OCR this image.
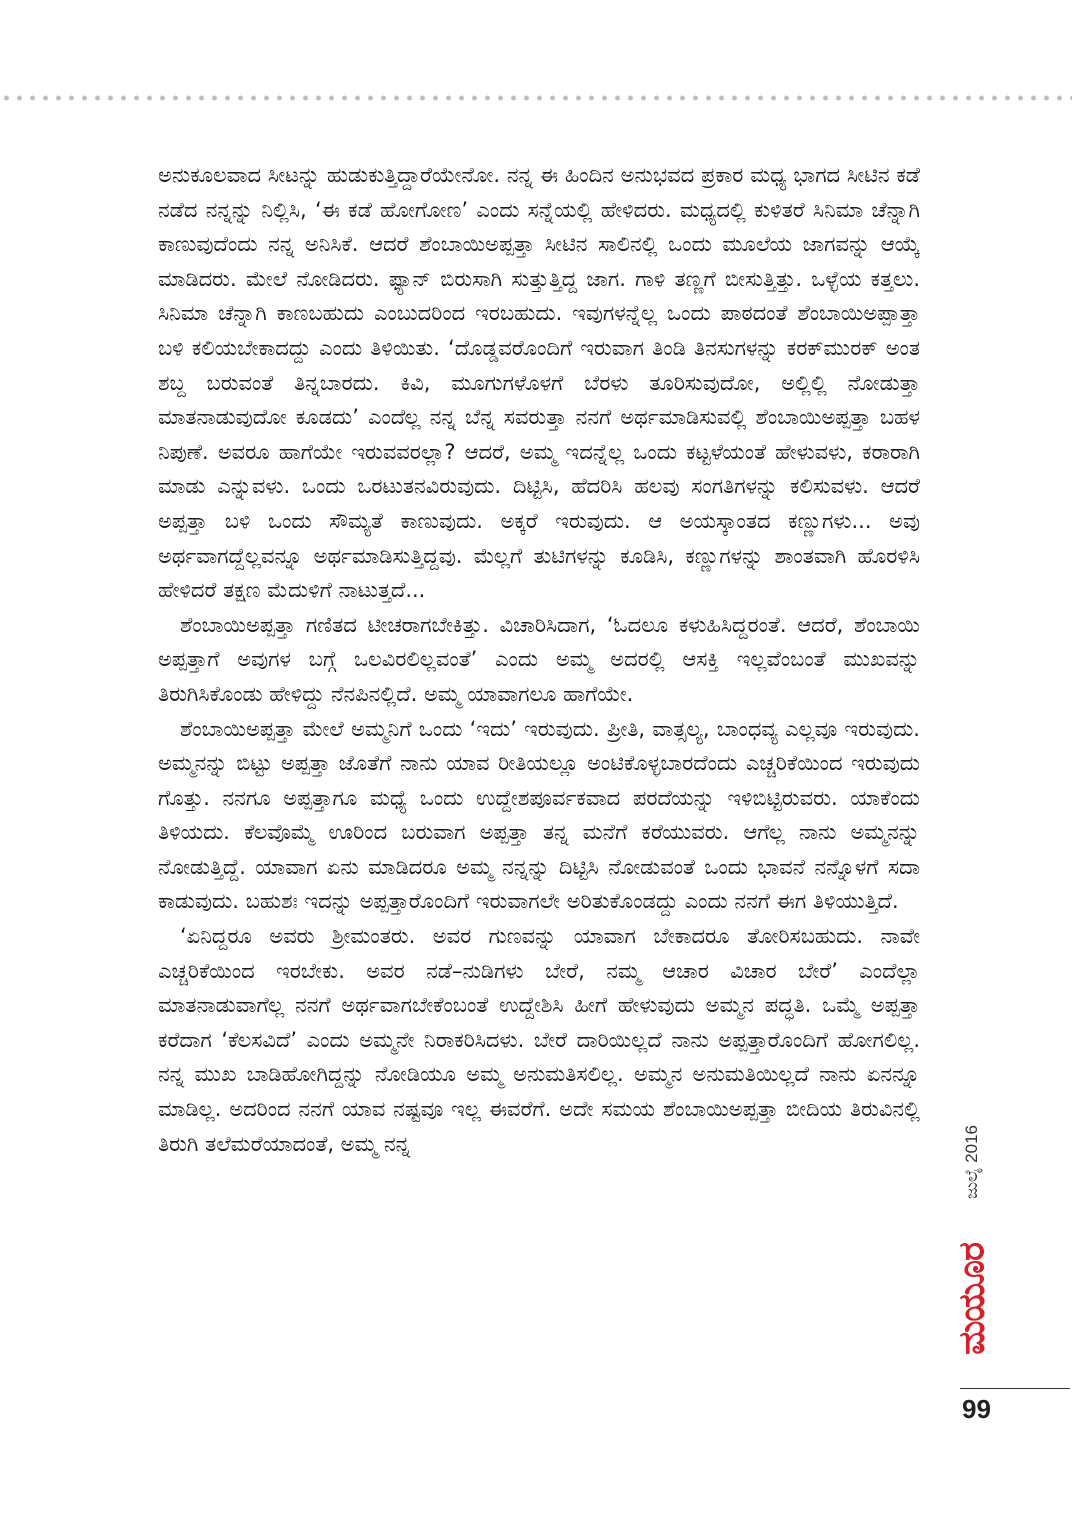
ಅನುಕೂಲವಾದ ಸೀಟನ್ನು ಹುಡುಕುತ್ತಿದ್ದಾರೆಯೇನೋ. ನನ್ನ ಈ ಹಿಂದಿನ ಅನುಭವದ ಪ್ರಕಾರ ಮಧ್ಯ ಭಾಗದ ಸೀಟಿನ ಕಡೆ ನಡೆದ ನನ್ನನ್ನು ನಿಲ್ಲಿಸಿ, ‘ಈ ಕಡೆ ಹೋಗೋಣ’ ಎಂದು ಸನ್ನೆಯಲ್ಲಿ ಹೇಳಿದರು. ಮಧ್ಯದಲ್ಲಿ ಕುಳಿತರೆ ಸಿನಿಮಾ ಚೆನ್ನಾಗಿ ಕಾಣುವುದೆಂದು ನನ್ನ ಅನಿಸಿಕೆ. ಆದರೆ ಶೆಂಬಾಯಿಅಪ್ಪತ್ತಾ ಸೀಟಿನ ಸಾಲಿನಲ್ಲಿ ಒಂದು ಮೂಲೆಯ ಜಾಗವನ್ನು ಆಯ್ಕೆ ಮಾಡಿದರು. ಮೇಲೆ ನೋಡಿದರು. ಫ್ಯಾನ್ ಬಿರುಸಾಗಿ ಸುತ್ತುತ್ತಿದ್ದ ಜಾಗ. ಗಾಳಿ ತಣ್ಣಗೆ ಬೀಸುತ್ತಿತ್ತು. ಒಳ್ಳೆಯ ಕತ್ತಲು. ಸಿನಿಮಾ ಚೆನ್ನಾಗಿ ಕಾಣಬಹುದು ಎಂಬುದರಿಂದ ಇರಬಹುದು. ಇವುಗಳನ್ನೆಲ್ಲ ಒಂದು ಪಾಠದಂತೆ ಶೆಂಬಾಯಿಅಪ್ಪಾತ್ತಾ ಬಳಿ ಕಲಿಯಬೇಕಾದದ್ದು ಎಂದು ತಿಳಿಯಿತು. ‘ದೊಡ್ಡವರೊಂದಿಗೆ ಇರುವಾಗ ತಿಂಡಿ ತಿನಸುಗಳನ್ನು ಕರಕ್‌ಮುರಕ್ ಅಂತ ಶಬ್ದ ಬರುವಂತೆ ತಿನ್ನಬಾರದು. ಕಿವಿ, ಮೂಗುಗಳೊಳಗೆ ಬೆರಳು ತೂರಿಸುವುದೋ, ಅಲ್ಲಿಲ್ಲಿ ನೋಡುತ್ತಾ ಮಾತನಾಡುವುದೋ ಕೂಡದು’ ಎಂದೆಲ್ಲ ನನ್ನ ಬೆನ್ನ ಸವರುತ್ತಾ ನನಗೆ ಅರ್ಥಮಾಡಿಸುವಲ್ಲಿ ಶೆಂಬಾಯಿಅಪ್ಪತ್ತಾ ಬಹಳ ನಿಪುಣೆ. ಅವರೂ ಹಾಗೆಯೇ ಇರುವವರಲ್ಲಾ? ಆದರೆ, ಅಮ್ಮ ಇದನ್ನೆಲ್ಲ ಒಂದು ಕಟ್ಟಳೆಯಂತೆ ಹೇಳುವಳು, ಕರಾರಾಗಿ ಮಾಡು ಎನ್ನುವಳು. ಒಂದು ಒರಟುತನವಿರುವುದು. ದಿಟ್ಟಿಸಿ, ಹೆದರಿಸಿ ಹಲವು ಸಂಗತಿಗಳನ್ನು ಕಲಿಸುವಳು. ಆದರೆ ಅಪ್ಪತ್ತಾ ಬಳಿ ಒಂದು ಸೌಮ್ಯತೆ ಕಾಣುವುದು. ಅಕ್ಕರೆ ಇರುವುದು. ಆ ಅಯಸ್ಕಾಂತದ ಕಣ್ಣುಗಳು... ಅವು ಅರ್ಥವಾಗದ್ದೆಲ್ಲವನ್ನೂ ಅರ್ಥಮಾಡಿಸುತ್ತಿದ್ದವು. ಮೆಲ್ಲಗೆ ತುಟಿಗಳನ್ನು ಕೂಡಿಸಿ, ಕಣ್ಣುಗಳನ್ನು ಶಾಂತವಾಗಿ ಹೊರಳಿಸಿ ಹೇಳಿದರೆ ತಕ್ಷಣ ಮೆದುಳಿಗೆ ನಾಟುತ್ತದೆ...

ಶೆಂಬಾಯಿಅಪ್ಪತ್ತಾ ಗಣಿತದ ಟೀಚರಾಗಬೇಕಿತ್ತು. ವಿಚಾರಿಸಿದಾಗ, ‘ಓದಲೂ ಕಳುಹಿಸಿದ್ದರಂತೆ. ಆದರೆ, ಶೆಂಬಾಯಿ ಅಪ್ಪತ್ತಾಗೆ ಅವುಗಳ ಬಗ್ಗೆ ಒಲವಿರಲಿಲ್ಲವಂತೆ’ ಎಂದು ಅಮ್ಮ ಅದರಲ್ಲಿ ಆಸಕ್ತಿ ಇಲ್ಲವೆಂಬಂತೆ ಮುಖವನ್ನು ತಿರುಗಿಸಿಕೊಂಡು ಹೇಳಿದ್ದು ನೆನಪಿನಲ್ಲಿದೆ. ಅಮ್ಮ ಯಾವಾಗಲೂ ಹಾಗೆಯೇ.

ಶೆಂಬಾಯಿಅಪ್ಪತ್ತಾ ಮೇಲೆ ಅಮ್ಮನಿಗೆ ಒಂದು ‘ಇದು’ ಇರುವುದು. ಪ್ರೀತಿ, ವಾತ್ಸಲ್ಯ, ಬಾಂಧವ್ಯ ಎಲ್ಲವೂ ಇರುವುದು. ಅಮ್ಮನನ್ನು ಬಿಟ್ಟು ಅಪ್ಪತ್ತಾ ಜೊತೆಗೆ ನಾನು ಯಾವ ರೀತಿಯಲ್ಲೂ ಅಂಟಿಕೊಳ್ಳಬಾರದೆಂದು ಎಚ್ಚರಿಕೆಯಿಂದ ಇರುವುದು ಗೊತ್ತು. ನನಗೂ ಅಪ್ಪತ್ತಾಗೂ ಮಧ್ಯೆ ಒಂದು ಉದ್ದೇಶಪೂರ್ವಕವಾದ ಪರದೆಯನ್ನು ಇಳಿಬಿಟ್ಟಿರುವರು. ಯಾಕೆಂದು ತಿಳಿಯದು. ಕೆಲವೊಮ್ಮೆ ಊರಿಂದ ಬರುವಾಗ ಅಪ್ಪತ್ತಾ ತನ್ನ ಮನೆಗೆ ಕರೆಯುವರು. ಆಗೆಲ್ಲ ನಾನು ಅಮ್ಮನನ್ನು ನೋಡುತ್ತಿದ್ದೆ. ಯಾವಾಗ ಏನು ಮಾಡಿದರೂ ಅಮ್ಮ ನನ್ನನ್ನು ದಿಟ್ಟಿಸಿ ನೋಡುವಂತೆ ಒಂದು ಭಾವನೆ ನನ್ನೊಳಗೆ ಸದಾ ಕಾಡುವುದು. ಬಹುಶಃ ಇದನ್ನು ಅಪ್ಪತ್ತಾರೊಂದಿಗೆ ಇರುವಾಗಲೇ ಅರಿತುಕೊಂಡದ್ದು ಎಂದು ನನಗೆ ಈಗ ತಿಳಿಯುತ್ತಿದೆ.

‘ಏನಿದ್ದರೂ ಅವರು ಶ್ರೀಮಂತರು. ಅವರ ಗುಣವನ್ನು ಯಾವಾಗ ಬೇಕಾದರೂ ತೋರಿಸಬಹುದು. ನಾವೇ ಎಚ್ಚರಿಕೆಯಿಂದ ಇರಬೇಕು. ಅವರ ನಡೆ–ನುಡಿಗಳು ಬೇರೆ, ನಮ್ಮ ಆಚಾರ ವಿಚಾರ ಬೇರೆ’ ಎಂದೆಲ್ಲಾ ಮಾತನಾಡುವಾಗೆಲ್ಲ ನನಗೆ ಅರ್ಥವಾಗಬೇಕೆಂಬಂತೆ ಉದ್ದೇಶಿಸಿ ಹೀಗೆ ಹೇಳುವುದು ಅಮ್ಮನ ಪದ್ಧತಿ. ಒಮ್ಮೆ ಅಪ್ಪತ್ತಾ ಕರೆದಾಗ ‘ಕೆಲಸವಿದೆ’ ಎಂದು ಅಮ್ಮನೇ ನಿರಾಕರಿಸಿದಳು. ಬೇರೆ ದಾರಿಯಿಲ್ಲದೆ ನಾನು ಅಪ್ಪತ್ತಾರೊಂದಿಗೆ ಹೋಗಲಿಲ್ಲ. ನನ್ನ ಮುಖ ಬಾಡಿಹೋಗಿದ್ದನ್ನು ನೋಡಿಯೂ ಅಮ್ಮ ಅನುಮತಿಸಲಿಲ್ಲ. ಅಮ್ಮನ ಅನುಮತಿಯಿಲ್ಲದೆ ನಾನು ಏನನ್ನೂ ಮಾಡಿಲ್ಲ. ಅದರಿಂದ ನನಗೆ ಯಾವ ನಷ್ಟವೂ ಇಲ್ಲ ಈವರೆಗೆ. ಅದೇ ಸಮಯ ಶೆಂಬಾಯಿಅಪ್ಪತ್ತಾ ಬೀದಿಯ ತಿರುವಿನಲ್ಲಿ ತಿರುಗಿ ತಲೆಮರೆಯಾದಂತೆ, ಅಮ್ಮ ನನ್ನ	ಜುಲೈ 2016
ಮಯೂರ
99
